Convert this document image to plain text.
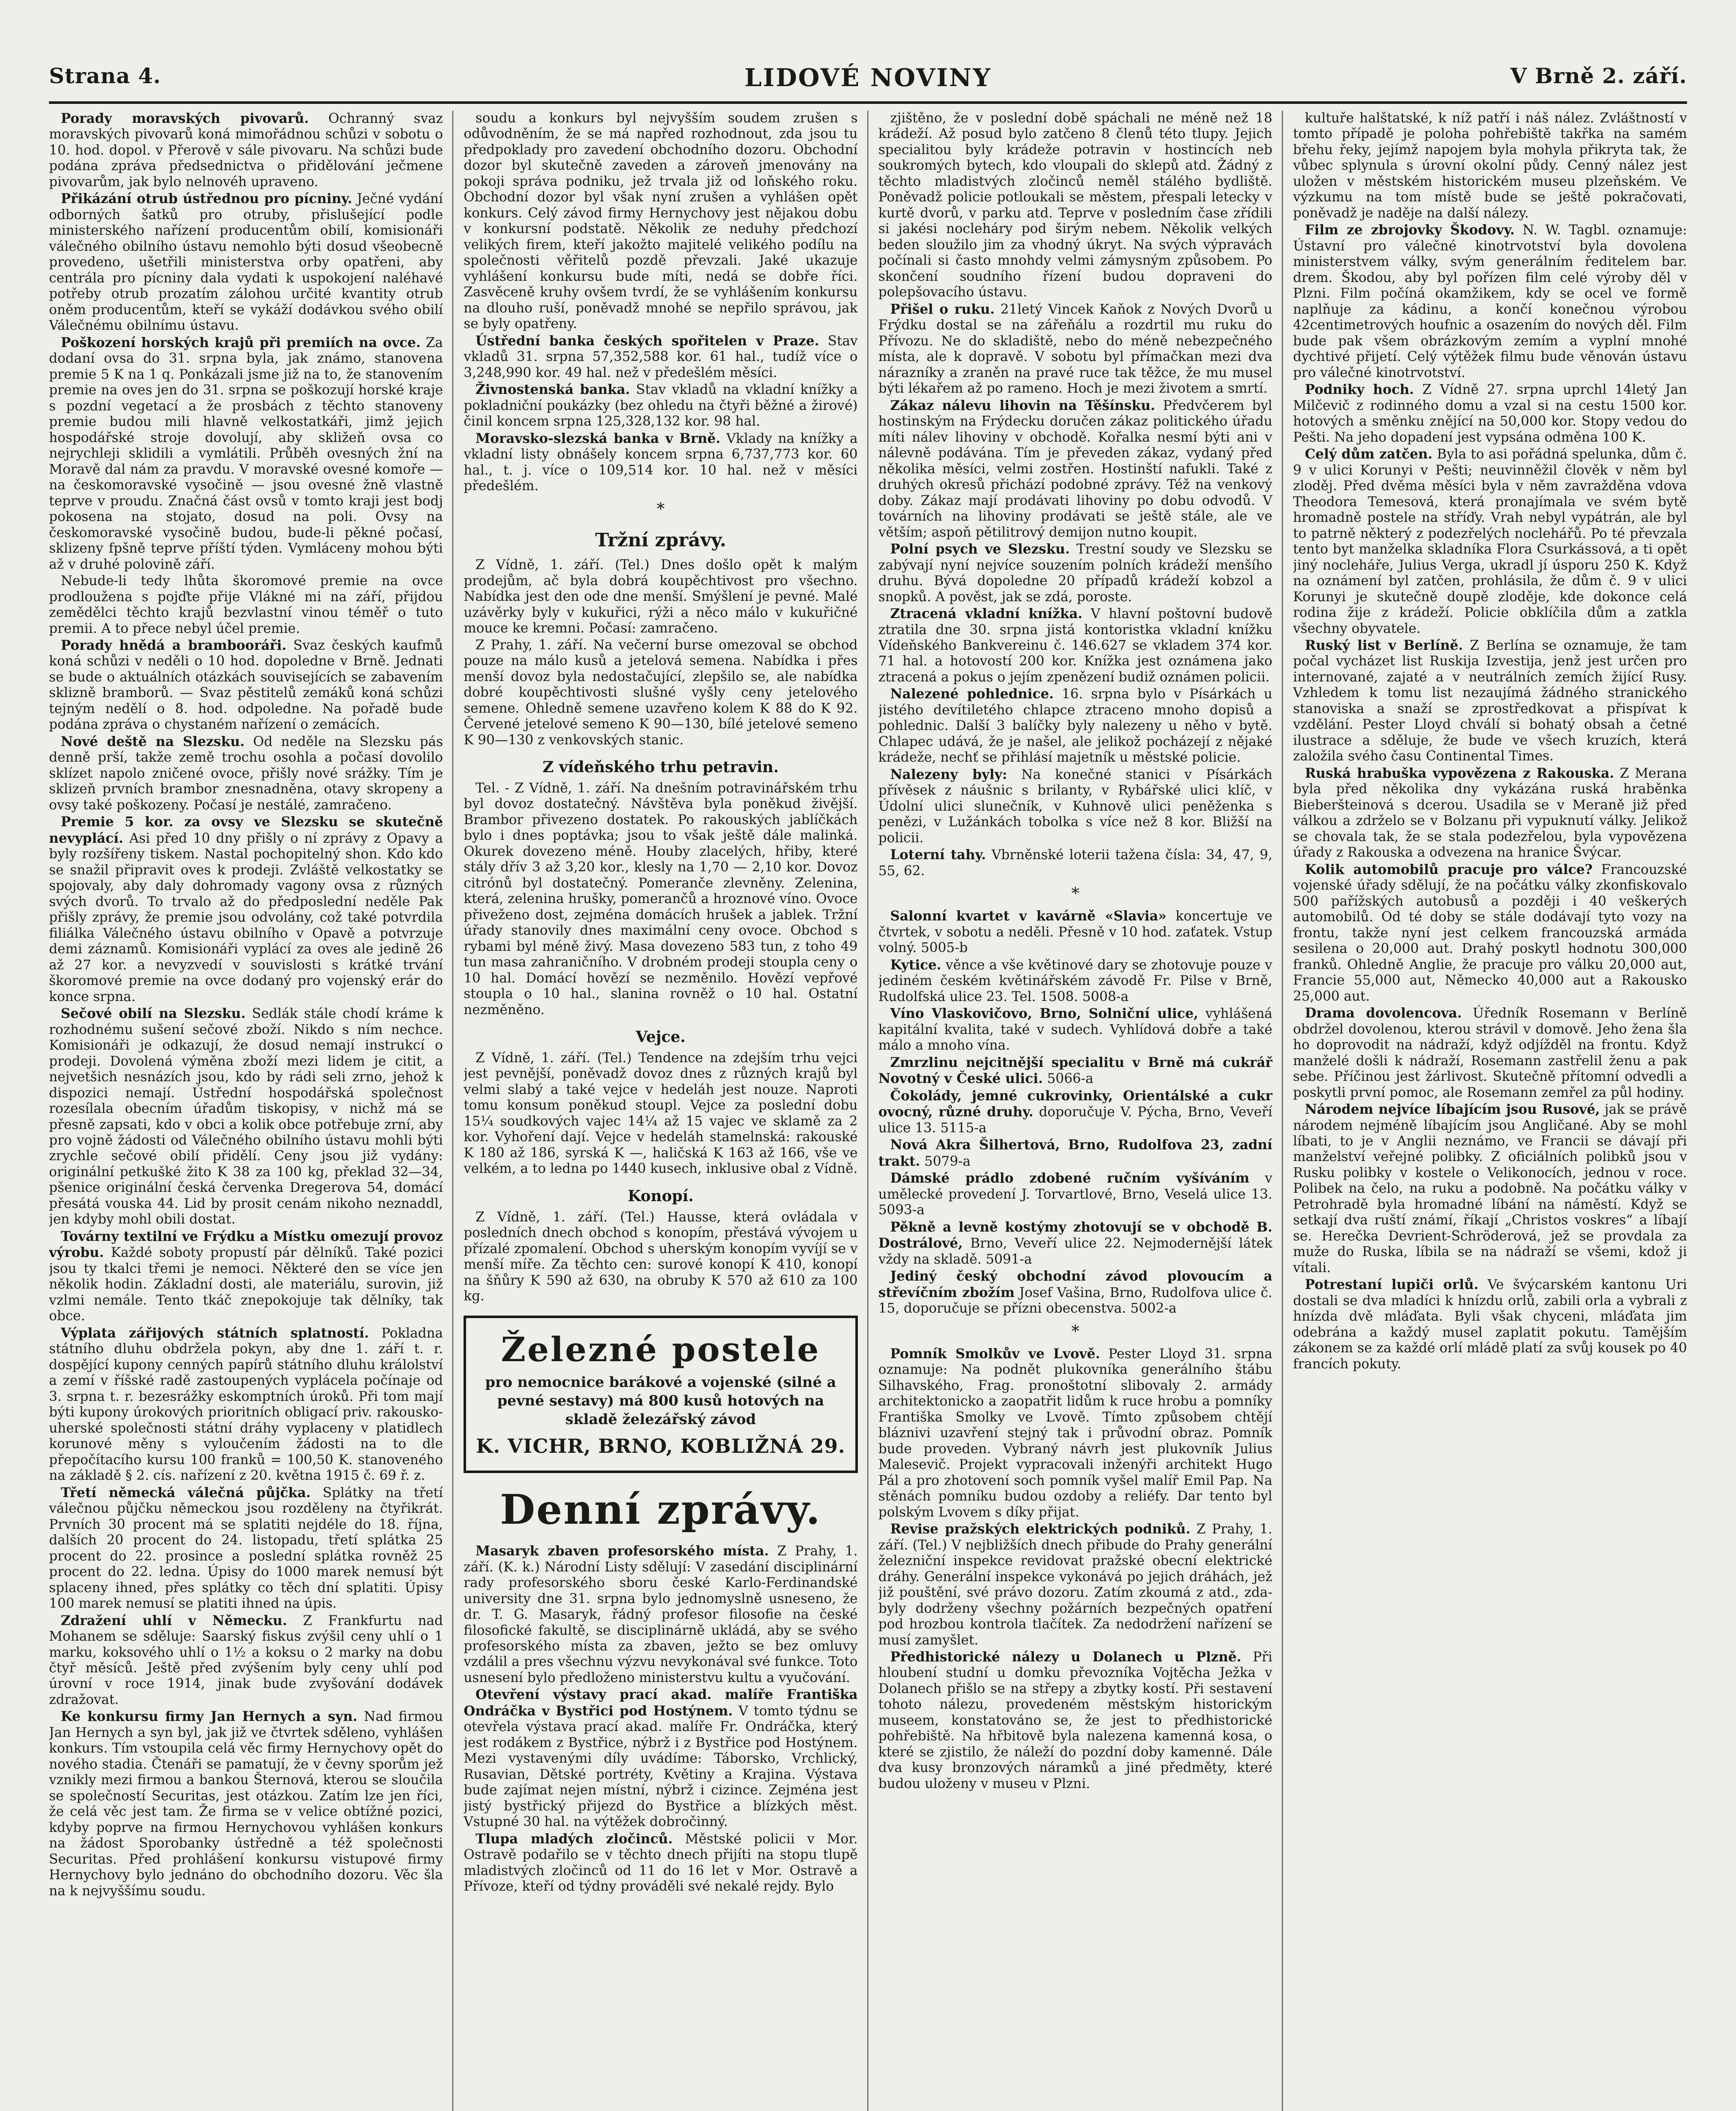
Strana 4.	LIDOVÉ NOVINY	V Brně 2. září.

Porady moravských pivovarů. Ochranný svaz moravských pivovarů koná mimořádnou schůzi v sobotu o 10. hod. dopol. v Přerově v sále pivovaru. Na schůzi bude podána zpráva předsednictva o přidělování ječmene pivovarům, jak bylo nelnovéh upraveno.

Přikázání otrub ústřednou pro pícniny. Ječné vydání odborných šatků pro otruby, přislušející podle ministerského nařízení producentům obilí, komisionáři válečného obilního ústavu nemohlo býti dosud všeobecně provedeno, ušetřili ministerstva orby opatřeni, aby centrála pro pícniny dala vydati k uspokojení naléhavé potřeby otrub prozatím zálohou určité kvantity otrub oněm producentům, kteří se vykáží dodávkou svého obilí Válečnému obilnímu ústavu.

Poškození horských krajů při premiích na ovce. Za dodaní ovsa do 31. srpna byla, jak známo, stanovena premie 5 K na 1 q. Ponkázali jsme již na to, že stanovením premie na oves jen do 31. srpna se poškozují horské kraje s pozdní vegetací a že prosbách z těchto stanoveny premie budou mili hlavně velkostatkáři, jimž jejich hospodářské stroje dovolují, aby skližeň ovsa co nejrychleji sklidili a vymlátili. Průběh ovesných žní na Moravě dal nám za pravdu. V moravské ovesné komoře — na českomoravské vysočině — jsou ovesné žně vlastně teprve v proudu. Značná část ovsů v tomto kraji jest bodj pokosena na stojato, dosud na poli. Ovsy na českomoravské vysočině budou, bude-li pěkné počasí, sklizeny fpšně teprve příští týden. Vymláceny mohou býti až v druhé polovině září.

Nebude-li tedy lhůta škoromové premie na ovce prodloužena s pojďte přije Vlákné mi na září, přijdou zemědělci těchto krajů bezvlastní vinou téměř o tuto premii. A to přece nebyl účel premie.

Porady hnědá a brambooráři. Svaz českých kaufmů koná schůzi v neděli o 10 hod. dopoledne v Brně. Jednati se bude o aktuálních otázkách souvisejících se zabavením sklizně bramborů. — Svaz pěstitelů zemáků koná schůzi tejným nedělí o 8. hod. odpoledne. Na pořadě bude podána zpráva o chystaném nařízení o zemácích.

Nové deště na Slezsku. Od neděle na Slezsku pás denně prší, takže země trochu osohla a počasí dovolilo sklízet napolo zničené ovoce, přišly nové srážky. Tím je sklizeň prvních brambor znesnadněna, otavy skropeny a ovsy také poškozeny. Počasí je nestálé, zamračeno.

Premie 5 kor. za ovsy ve Slezsku se skutečně nevyplácí. Asi před 10 dny přišly o ní zprávy z Opavy a byly rozšířeny tiskem. Nastal pochopitelný shon. Kdo kdo se snažil připravit oves k prodeji. Zvláště velkostatky se spojovaly, aby daly dohromady vagony ovsa z různých svých dvorů. To trvalo až do předposlední neděle Pak přišly zprávy, že premie jsou odvolány, což také potvrdila filiálka Válečného ústavu obilního v Opavě a potvrzuje demi záznamů. Komisionáři vyplácí za oves ale jedině 26 až 27 kor. a nevyzvedí v souvislosti s krátké trvání škoromové premie na ovce dodaný pro vojenský erár do konce srpna.

Sečové obilí na Slezsku. Sedlák stále chodí kráme k rozhodnému sušení sečové zboží. Nikdo s ním nechce. Komisionáři je odkazují, že dosud nemají instrukcí o prodeji. Dovolená výměna zboží mezi lidem je citit, a nejvetšich nesnázích jsou, kdo by rádi seli zrno, jehož k dispozici nemají. Ústřední hospodářská společnost rozesílala obecním úřadům tiskopisy, v nichž má se přesně zapsati, kdo v obci a kolik obce potřebuje zrní, aby pro vojně žádosti od Válečného obilního ústavu mohli býti zrychle sečové obilí přidělí. Ceny jsou již vydány: originální petkušké žito K 38 za 100 kg, překlad 32—34, pšenice originální česká červenka Dregerova 54, domácí přesátá vouska 44. Lid by prosit cenám nikoho neznaddl, jen kdyby mohl obili dostat.

Továrny textilní ve Frýdku a Místku omezují provoz výrobu. Každé soboty propustí pár dělníků. Také pozici jsou ty tkalci třemi je nemoci. Některé den se více jen několik hodin. Základní dosti, ale materiálu, surovin, již vzlmi nemále. Tento tkáč znepokojuje tak dělníky, tak obce.

Výplata zářijových státních splatností. Pokladna státního dluhu obdržela pokyn, aby dne 1. září t. r. dospějící kupony cenných papírů státního dluhu králolství a zemí v říšské radě zastoupených vyplácela počínaje od 3. srpna t. r. bezesrážky eskomptních úroků. Při tom mají býti kupony úrokových prioritních obligací priv. rakousko-uherské společnosti státní dráhy vyplaceny v platidlech korunové měny s vyloučením žádosti na to dle přepočítacího kursu 100 franků = 100,50 K. stanoveného na základě § 2. cís. nařízení z 20. května 1915 č. 69 ř. z.

Třetí německá válečná půjčka. Splátky na třetí válečnou půjčku německou jsou rozděleny na čtyřikrát. Prvních 30 procent má se splatiti nejdéle do 18. října, dalších 20 procent do 24. listopadu, třetí splátka 25 procent do 22. prosince a poslední splátka rovněž 25 procent do 22. ledna. Úpisy do 1000 marek nemusí být splaceny ihned, přes splátky co těch dní splatiti. Úpisy 100 marek nemusí se platiti ihned na úpis.

Zdražení uhlí v Německu. Z Frankfurtu nad Mohanem se sděluje: Saarský fiskus zvýšil ceny uhlí o 1 marku, koksového uhlí o 1½ a koksu o 2 marky na dobu čtyř měsíců. Ještě před zvýšením byly ceny uhlí pod úrovní v roce 1914, jinak bude zvyšování dodávek zdražovat.

Ke konkursu firmy Jan Hernych a syn. Nad firmou Jan Hernych a syn byl, jak již ve čtvrtek sděleno, vyhlášen konkurs. Tím vstoupila celá věc firmy Hernychovy opět do nového stadia. Čtenáři se pamatují, že v čevny sporům jež vznikly mezi firmou a bankou Šternová, kterou se sloučila se společností Securitas, jest otázkou. Zatím lze jen říci, že celá věc jest tam. Že firma se v velice obtížné pozici, kdyby poprve na firmou Hernychovou vyhlášen konkurs na žádost Sporobanky ústředně a též společnosti Securitas. Před prohlášení konkursu vistupové firmy Hernychovy bylo jednáno do obchodního dozoru. Věc šla na k nejvyššímu soudu.

soudu a konkurs byl nejvyšším soudem zrušen s odůvodněním, že se má napřed rozhodnout, zda jsou tu předpoklady pro zavedení obchodního dozoru. Obchodní dozor byl skutečně zaveden a zároveň jmenovány na pokoji správa podniku, jež trvala již od loňského roku. Obchodní dozor byl však nyní zrušen a vyhlášen opět konkurs. Celý závod firmy Hernychovy jest nějakou dobu v konkursní podstatě. Několik ze neduhy předchozí velikých firem, kteří jakožto majitelé velikého podílu na společnosti věřitelů pozdě převzali. Jaké ukazuje vyhlášení konkursu bude míti, nedá se dobře říci. Zasvěceně kruhy ovšem tvrdí, že se vyhlášením konkursu na dlouho ruší, poněvadž mnohé se nepřilo správou, jak se byly opatřeny.

Ústřední banka českých spořitelen v Praze. Stav vkladů 31. srpna 57,352,588 kor. 61 hal., tudíž více o 3,248,990 kor. 49 hal. než v předešlém měsíci.

Živnostenská banka. Stav vkladů na vkladní knížky a pokladniční poukázky (bez ohledu na čtyři běžné a žirové) činil koncem srpna 125,328,132 kor. 98 hal.

Moravsko-slezská banka v Brně. Vklady na knížky a vkladní listy obnášely koncem srpna 6,737,773 kor. 60 hal., t. j. více o 109,514 kor. 10 hal. než v měsíci předešlém.

*
Tržní zprávy.

Z Vídně, 1. září. (Tel.) Dnes došlo opět k malým prodejům, ač byla dobrá koupěchtivost pro všechno. Nabídka jest den ode dne menší. Smýšlení je pevné. Malé uzávěrky byly v kukuřici, rýži a něco málo v kukuřičné mouce ke kremni. Počasí: zamračeno.

Z Prahy, 1. září. Na večerní burse omezoval se obchod pouze na málo kusů a jetelová semena. Nabídka i přes menší dovoz byla nedostačující, zlepšilo se, ale nabídka dobré koupěchtivosti slušné vyšly ceny jetelového semene. Ohledně semene uzavřeno kolem K 88 do K 92. Červené jetelové semeno K 90—130, bílé jetelové semeno K 90—130 z venkovských stanic.

Z vídeňského trhu petravin.

Tel. - Z Vídně, 1. září. Na dnešním potravinářském trhu byl dovoz dostatečný. Návštěva byla poněkud živější. Brambor přivezeno dostatek. Po rakouských jablíčkách bylo i dnes poptávka; jsou to však ještě dále malinká. Okurek dovezeno méně. Houby zlacelých, hřiby, které stály dřív 3 až 3,20 kor., klesly na 1,70 — 2,10 kor. Dovoz citrónů byl dostatečný. Pomeranče zlevněny. Zelenina, která, zelenina hrušky, pomerančů a hroznové víno. Ovoce přiveženo dost, zejména domácích hrušek a jablek. Tržní úřady stanovily dnes maximální ceny ovoce. Obchod s rybami byl méně živý. Masa dovezeno 583 tun, z toho 49 tun masa zahraničního. V drobném prodeji stoupla ceny o 10 hal. Domácí hovězí se nezměnilo. Hovězí vepřové stoupla o 10 hal., slanina rovněž o 10 hal. Ostatní nezměněno.

Vejce.

Z Vídně, 1. září. (Tel.) Tendence na zdejším trhu vejci jest pevnější, poněvadž dovoz dnes z různých krajů byl velmi slabý a také vejce v hedeláh jest nouze. Naproti tomu konsum poněkud stoupl. Vejce za poslední dobu 15¼ soudkových vajec 14¼ až 15 vajec ve sklamě za 2 kor. Vyhoření dají. Vejce v hedeláh stamelnská: rakouské K 180 až 186, syrská K —, haličská K 163 až 166, vše ve velkém, a to ledna po 1440 kusech, inklusive obal z Vídně.

Konopí.

Z Vídně, 1. září. (Tel.) Hausse, která ovládala v posledních dnech obchod s konopím, přestává vývojem u přízalé zpomalení. Obchod s uherským konopím vyvíjí se v menší míře. Za těchto cen: surové konopí K 410, konopí na šňůry K 590 až 630, na obruby K 570 až 610 za 100 kg.

Železné postele
pro nemocnice barákové a vojenské (silné a pevné sestavy) má 800 kusů hotových na skladě železářský závod
K. VICHR, BRNO, KOBLIŽNÁ 29.
Denní zprávy.

Masaryk zbaven profesorského místa. Z Prahy, 1. září. (K. k.) Národní Listy sdělují: V zasedání disciplinární rady profesorského sboru české Karlo-Ferdinandské university dne 31. srpna bylo jednomyslně usneseno, že dr. T. G. Masaryk, řádný profesor filosofie na české filosofické fakultě, se disciplinárně ukládá, aby se svého profesorského místa za zbaven, ježto se bez omluvy vzdálil a pres všechnu výzvu nevykonával své funkce. Toto usnesení bylo předloženo ministerstvu kultu a vyučování.

Otevření výstavy prací akad. malíře Františka Ondráčka v Bystřici pod Hostýnem. V tomto týdnu se otevřela výstava prací akad. malíře Fr. Ondráčka, který jest rodákem z Bystřice, nýbrž i z Bystřice pod Hostýnem. Mezi vystavenými díly uvádíme: Táborsko, Vrchlický, Rusavian, Dětské portréty, Květiny a Krajina. Výstava bude zajímat nejen místní, nýbrž i cizince. Zejména jest jistý bystřický přijezd do Bystřice a blízkých měst. Vstupné 30 hal. na výtěžek dobročinný.

Tlupa mladých zločinců. Městské policii v Mor. Ostravě podařilo se v těchto dnech přijíti na stopu tlupě mladistvých zločinců od 11 do 16 let v Mor. Ostravě a Přívoze, kteří od týdny prováděli své nekalé rejdy. Bylo

zjištěno, že v poslední době spáchali ne méně než 18 krádeží. Až posud bylo zatčeno 8 členů této tlupy. Jejich specialitou byly krádeže potravin v hostincích neb soukromých bytech, kdo vloupali do sklepů atd. Žádný z těchto mladistvých zločinců neměl stálého bydliště. Poněvadž policie potloukali se městem, přespali letecky v kurtě dvorů, v parku atd. Teprve v posledním čase zřídili si jakési nocleháry pod širým nebem. Několik velkých beden sloužilo jim za vhodný úkryt. Na svých výpravách počínali si často mnohdy velmi zámysným způsobem. Po skončení soudního řízení budou dopraveni do polepšovacího ústavu.

Přišel o ruku. 21letý Vincek Kaňok z Nových Dvorů u Frýdku dostal se na zářeňálu a rozdrtil mu ruku do Přívozu. Ne do skladiště, nebo do méně nebezpečného místa, ale k dopravě. V sobotu byl přímačkan mezi dva nárazníky a zraněn na pravé ruce tak těžce, že mu musel býti lékařem až po rameno. Hoch je mezi životem a smrtí.

Zákaz nálevu lihovin na Těšínsku. Předvčerem byl hostinským na Frýdecku doručen zákaz politického úřadu míti nálev lihoviny v obchodě. Kořalka nesmí býti ani v nálevně podávána. Tím je převeden zákaz, vydaný před několika měsíci, velmi zostřen. Hostinští nafukli. Také z druhých okresů přichází podobné zprávy. Též na venkový doby. Zákaz mají prodávati lihoviny po dobu odvodů. V továrních na lihoviny prodávati se ještě stále, ale ve větším; aspoň pětilitrový demijon nutno koupit.

Polní psych ve Slezsku. Trestní soudy ve Slezsku se zabývají nyní nejvíce souzením polních krádeží menšího druhu. Bývá dopoledne 20 případů krádeží kobzol a snopků. A pověst, jak se zdá, poroste.

Ztracená vkladní knížka. V hlavní poštovní budově ztratila dne 30. srpna jistá kontoristka vkladní knížku Vídeňského Bankvereinu č. 146.627 se vkladem 374 kor. 71 hal. a hotovostí 200 kor. Knížka jest oznámena jako ztracená a pokus o jejím zpenězení budiž oznámen policii.

Nalezené pohlednice. 16. srpna bylo v Písárkách u jistého devítiletého chlapce ztraceno mnoho dopisů a pohlednic. Další 3 balíčky byly nalezeny u něho v bytě. Chlapec udává, že je našel, ale jelikož pocházejí z nějaké krádeže, nechť se přihlásí majetník u městské policie.

Nalezeny byly: Na konečné stanici v Písárkách přívěsek z náušnic s brilanty, v Rybářské ulici klíč, v Údolní ulici slunečník, v Kuhnově ulici peněženka s penězi, v Lužánkách tobolka s více než 8 kor. Bližší na policii.

Loterní tahy. Vbrněnské loterii tažena čísla: 34, 47, 9, 55, 62.

*

Salonní kvartet v kavárně «Slavia» koncertuje ve čtvrtek, v sobotu a neděli. Přesně v 10 hod. zaťatek. Vstup volný. 5005-b

Kytice. věnce a vše květinové dary se zhotovuje pouze v jediném českém květinářském závodě Fr. Pilse v Brně, Rudolfská ulice 23. Tel. 1508. 5008-a

Víno Vlaskovičovo, Brno, Solniční ulice, vyhlášená kapitální kvalita, také v sudech. Vyhlídová dobře a také málo a mnoho vína.

Zmrzlinu nejcitnější specialitu v Brně má cukrář Novotný v České ulici. 5066-a

Čokolády, jemné cukrovinky, Orientálské a cukr ovocný, různé druhy. doporučuje V. Pýcha, Brno, Veveří ulice 13. 5115-a

Nová Akra Šilhertová, Brno, Rudolfova 23, zadní trakt. 5079-a

Dámské prádlo zdobené ručním vyšíváním v umělecké provedení J. Torvartlové, Brno, Veselá ulice 13. 5093-a

Pěkně a levně kostýmy zhotovují se v obchodě B. Dostrálové, Brno, Veveří ulice 22. Nejmodernější látek vždy na skladě. 5091-a

Jediný český obchodní závod plovoucím a střevíčním zbožím Josef Vašina, Brno, Rudolfova ulice č. 15, doporučuje se přízni obecenstva. 5002-a

*

Pomník Smolkův ve Lvově. Pester Lloyd 31. srpna oznamuje: Na podnět plukovníka generálního štábu Silhavského, Frag. pronoštotní slibovaly 2. armády architektonicko a zaopatřit lidům k ruce hrobu a pomníky Františka Smolky ve Lvově. Tímto způsobem chtějí bláznivi uzavření stejný tak i průvodní obraz. Pomník bude proveden. Vybraný návrh jest plukovník Julius Malesevič. Projekt vypracovali inženýři architekt Hugo Pál a pro zhotovení soch pomník vyšel malíř Emil Pap. Na stěnách pomníku budou ozdoby a reliéfy. Dar tento byl polským Lvovem s díky přijat.

Revise pražských elektrických podniků. Z Prahy, 1. září. (Tel.) V nejbližších dnech přibude do Prahy generální železniční inspekce revidovat pražské obecní elektrické dráhy. Generální inspekce vykonává po jejich dráhách, jež již pouštění, své právo dozoru. Zatím zkoumá z atd., zda-byly dodrženy všechny požárních bezpečných opatření pod hrozbou kontrola tlačítek. Za nedodržení nařízení se musí zamyšlet.

Předhistorické nálezy u Dolanech u Plzně. Při hloubení studní u domku převozníka Vojtěcha Ježka v Dolanech přišlo se na střepy a zbytky kostí. Při sestavení tohoto nálezu, provedeném městským historickým museem, konstatováno se, že jest to předhistorické pohřebiště. Na hřbitově byla nalezena kamenná kosa, o které se zjistilo, že náleží do pozdní doby kamenné. Dále dva kusy bronzových náramků a jiné předměty, které budou uloženy v museu v Plzni.

kultuře halštatské, k níž patří i náš nález. Zvláštností v tomto případě je poloha pohřebiště takřka na samém břehu řeky, jejímž napojem byla mohyla přikryta tak, že vůbec splynula s úrovní okolní půdy. Cenný nález jest uložen v městském historickém museu plzeňském. Ve výzkumu na tom místě bude se ještě pokračovati, poněvadž je naděje na další nálezy.

Film ze zbrojovky Škodovy. N. W. Tagbl. oznamuje: Ústavní pro válečné kinotrvotství byla dovolena ministerstvem války, svým generálním ředitelem bar. drem. Škodou, aby byl pořízen film celé výroby děl v Plzni. Film počíná okamžikem, kdy se ocel ve formě naplňuje za kádinu, a končí konečnou výrobou 42centimetrových houfnic a osazením do nových děl. Film bude pak všem obrázkovým zemím a vyplní mnohé dychtivé přijetí. Celý výtěžek filmu bude věnován ústavu pro válečné kinotrvotství.

Podniky hoch. Z Vídně 27. srpna uprchl 14letý Jan Milčevič z rodinného domu a vzal si na cestu 1500 kor. hotových a směnku znějící na 50,000 kor. Stopy vedou do Pešti. Na jeho dopadení jest vypsána odměna 100 K.

Celý dům zatčen. Byla to asi pořádná spelunka, dům č. 9 v ulici Korunyi v Pešti; neuvinněžil člověk v něm byl zloděj. Před dvěma měsíci byla v něm zavražděna vdova Theodora Temesová, která pronajímala ve svém bytě hromadně postele na stříďy. Vrah nebyl vypátrán, ale byl to patrně některý z podezřelých noclehářů. Po té převzala tento byt manželka skladníka Flora Csurkássová, a ti opět jiný nocleháře, Julius Verga, ukradl jí úsporu 250 K. Když na oznámení byl zatčen, prohlásila, že dům č. 9 v ulici Korunyi je skutečně doupě zloděje, kde dokonce celá rodina žije z krádeží. Policie obklíčila dům a zatkla všechny obyvatele.

Ruský list v Berlíně. Z Berlína se oznamuje, že tam počal vycházet list Ruskija Izvestija, jenž jest určen pro internované, zajaté a v neutrálních zemích žijící Rusy. Vzhledem k tomu list nezaujímá žádného stranického stanoviska a snaží se zprostředkovat a přispívat k vzdělání. Pester Lloyd chválí si bohatý obsah a četné ilustrace a sděluje, že bude ve všech kruzích, která založila svého času Continental Times.

Ruská hrabuška vypovězena z Rakouska. Z Merana byla před několika dny vykázána ruská hraběnka Bieberšteinová s dcerou. Usadila se v Meraně již před válkou a zdrželo se v Bolzanu při vypuknutí války. Jelikož se chovala tak, že se stala podezřelou, byla vypovězena úřady z Rakouska a odvezena na hranice Švýcar.

Kolik automobilů pracuje pro válce? Francouzské vojenské úřady sdělují, že na počátku války zkonfiskovalo 500 pařížských autobusů a později i 40 veškerých automobilů. Od té doby se stále dodávají tyto vozy na frontu, takže nyní jest celkem francouzská armáda sesilena o 20,000 aut. Drahý poskytl hodnotu 300,000 franků. Ohledně Anglie, že pracuje pro válku 20,000 aut, Francie 55,000 aut, Německo 40,000 aut a Rakousko 25,000 aut.

Drama dovolencova. Úředník Rosemann v Berlíně obdržel dovolenou, kterou strávil v domově. Jeho žena šla ho doprovodit na nádraží, když odjížděl na frontu. Když manželé došli k nádraží, Rosemann zastřelil ženu a pak sebe. Příčinou jest žárlivost. Skutečně přítomní odvedli a poskytli první pomoc, ale Rosemann zemřel za půl hodiny.

Národem nejvíce líbajícím jsou Rusové, jak se právě národem nejméně líbajícím jsou Angličané. Aby se mohl líbati, to je v Anglii neznámo, ve Francii se dávají při manželství veřejné polibky. Z oficiálních polibků jsou v Rusku polibky v kostele o Velikonocích, jednou v roce. Polibek na čelo, na ruku a podobně. Na počátku války v Petrohradě byla hromadné líbání na náměstí. Když se setkají dva ruští známí, říkají „Christos voskres“ a líbají se. Herečka Devrient-Schröderová, jež se provdala za muže do Ruska, líbila se na nádraží se všemi, kdož ji vítali.

Potrestaní lupiči orlů. Ve švýcarském kantonu Uri dostali se dva mladíci k hnízdu orlů, zabili orla a vybrali z hnízda dvě mláďata. Byli však chyceni, mláďata jim odebrána a každý musel zaplatit pokutu. Tamějším zákonem se za každé orlí mládě platí za svůj kousek po 40 francích pokuty.
